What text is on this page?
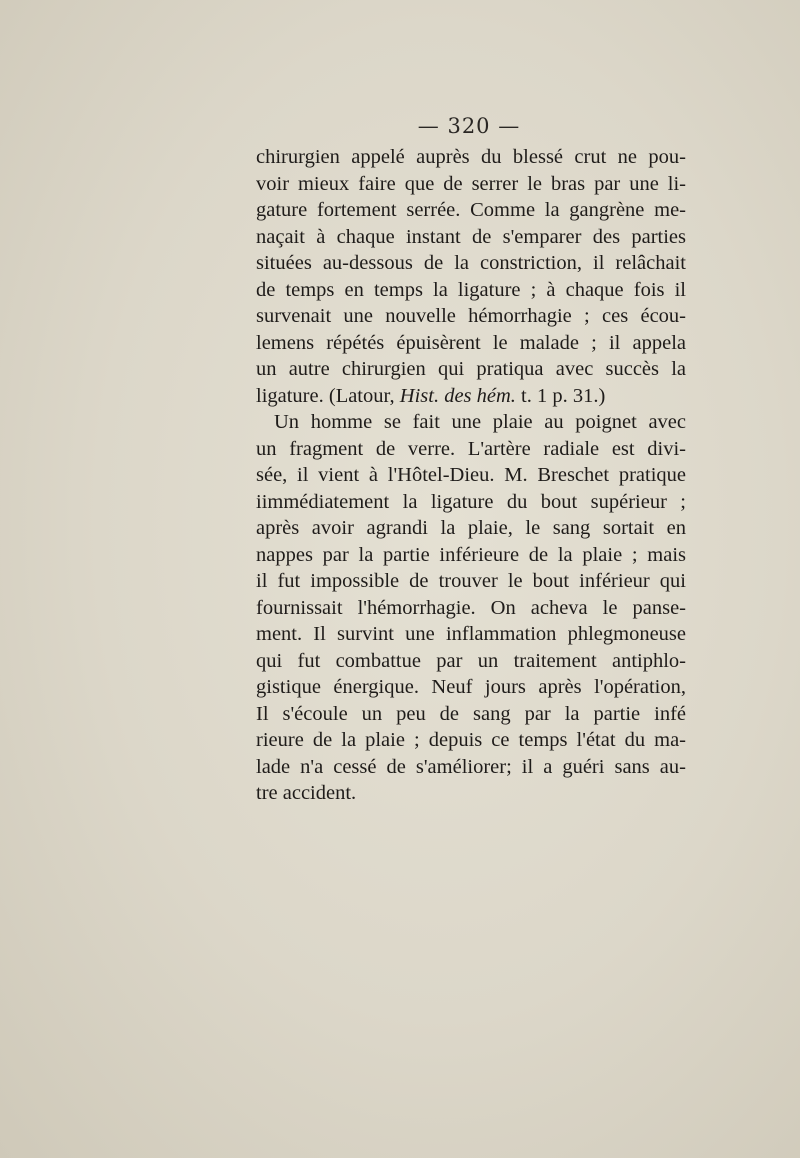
— 320 —
chirurgien appelé auprès du blessé crut ne pou-
voir mieux faire que de serrer le bras par une li-
gature fortement serrée. Comme la gangrène me-
naçait à chaque instant de s'emparer des parties
situées au-dessous de la constriction, il relâchait
de temps en temps la ligature ; à chaque fois il
survenait une nouvelle hémorrhagie ; ces écou-
lemens répétés épuisèrent le malade ; il appela
un autre chirurgien qui pratiqua avec succès la
ligature. (Latour, Hist. des hém. t. 1 p. 31.)
Un homme se fait une plaie au poignet avec
un fragment de verre. L'artère radiale est divi-
sée, il vient à l'Hôtel-Dieu. M. Breschet pratique
iimmédiatement la ligature du bout supérieur ;
après avoir agrandi la plaie, le sang sortait en
nappes par la partie inférieure de la plaie ; mais
il fut impossible de trouver le bout inférieur qui
fournissait l'hémorrhagie. On acheva le panse-
ment. Il survint une inflammation phlegmoneuse
qui fut combattue par un traitement antiphlo-
gistique énergique. Neuf jours après l'opération,
Il s'écoule un peu de sang par la partie infé
rieure de la plaie ; depuis ce temps l'état du ma-
lade n'a cessé de s'améliorer; il a guéri sans au-
tre accident.
